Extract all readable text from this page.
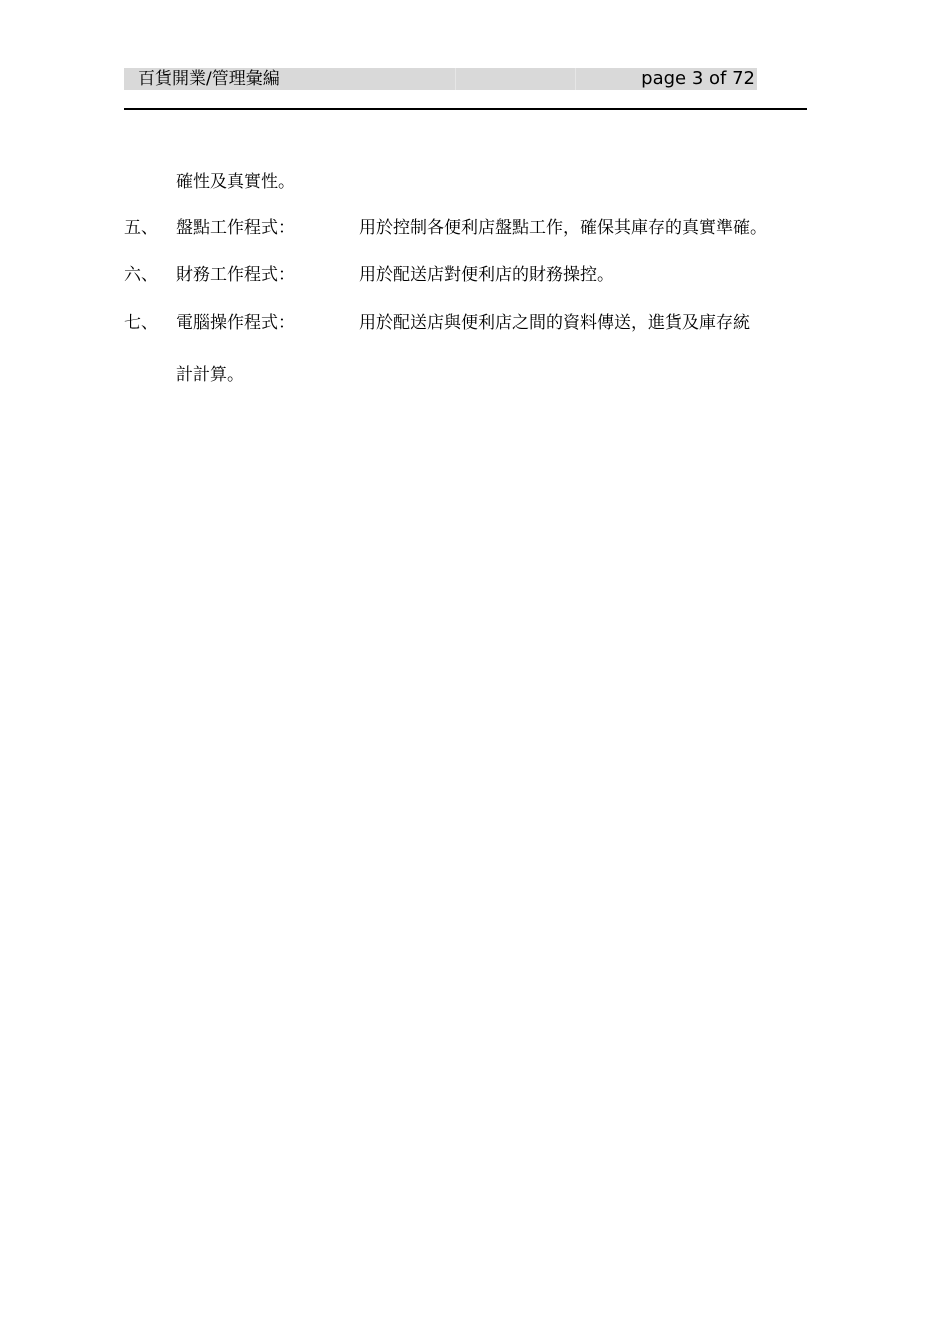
百貨開業/管理彙編	page 3 of 72
確性及真實性。
五、 盤點工作程式：	用於控制各便利店盤點工作，確保其庫存的真實準確。
六、 財務工作程式：	用於配送店對便利店的財務操控。
七、 電腦操作程式：	用於配送店與便利店之間的資料傳送，進貨及庫存統
計計算。
